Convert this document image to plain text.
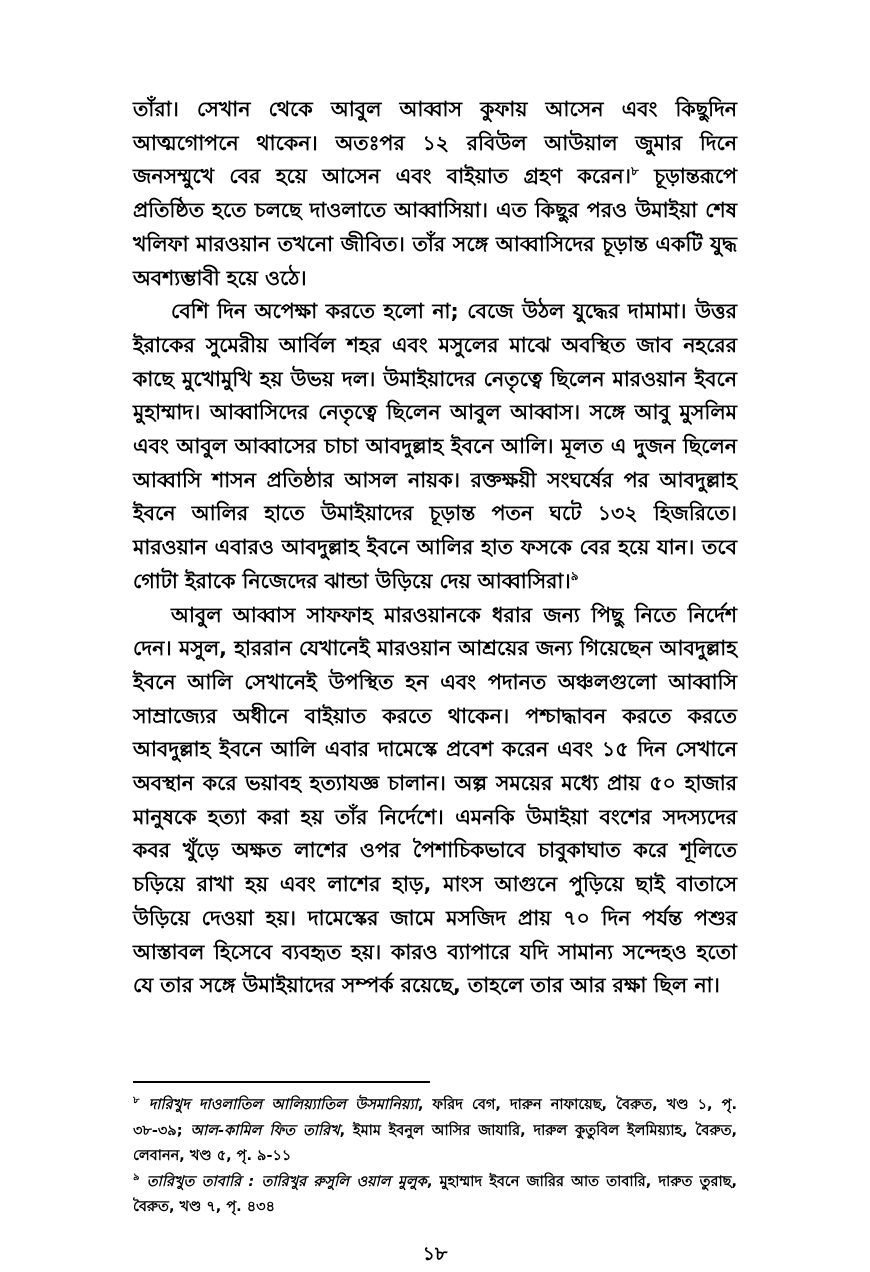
তাঁরা। সেখান থেকে আবুল আব্বাস কুফায় আসেন এবং কিছুদিন আত্মগোপনে থাকেন। অতঃপর ১২ রবিউল আউয়াল জুমার দিনে জনসম্মুখে বের হয়ে আসেন এবং বাইয়াত গ্রহণ করেন।$^৮$ চূড়ান্তরূপে প্রতিষ্ঠিত হতে চলছে দাওলাতে আব্বাসিয়া। এত কিছুর পরও উমাইয়া শেষ খলিফা মারওয়ান তখনো জীবিত। তাঁর সঙ্গে আব্বাসিদের চূড়ান্ত একটি যুদ্ধ অবশ্যম্ভাবী হয়ে ওঠে।

বেশি দিন অপেক্ষা করতে হলো না; বেজে উঠল যুদ্ধের দামামা। উত্তর ইরাকের সুমেরীয় আর্বিল শহর এবং মসুলের মাঝে অবস্থিত জাব নহরের কাছে মুখোমুখি হয় উভয় দল। উমাইয়াদের নেতৃত্বে ছিলেন মারওয়ান ইবনে মুহাম্মাদ। আব্বাসিদের নেতৃত্বে ছিলেন আবুল আব্বাস। সঙ্গে আবু মুসলিম এবং আবুল আব্বাসের চাচা আবদুল্লাহ ইবনে আলি। মূলত এ দুজন ছিলেন আব্বাসি শাসন প্রতিষ্ঠার আসল নায়ক। রক্তক্ষয়ী সংঘর্ষের পর আবদুল্লাহ ইবনে আলির হাতে উমাইয়াদের চূড়ান্ত পতন ঘটে ১৩২ হিজরিতে। মারওয়ান এবারও আবদুল্লাহ ইবনে আলির হাত ফসকে বের হয়ে যান। তবে গোটা ইরাকে নিজেদের ঝান্ডা উড়িয়ে দেয় আব্বাসিরা।$^৯$

আবুল আব্বাস সাফফাহ মারওয়ানকে ধরার জন্য পিছু নিতে নির্দেশ দেন। মসুল, হাররান যেখানেই মারওয়ান আশ্রয়ের জন্য গিয়েছেন আবদুল্লাহ ইবনে আলি সেখানেই উপস্থিত হন এবং পদানত অঞ্চলগুলো আব্বাসি সাম্রাজ্যের অধীনে বাইয়াত করতে থাকেন। পশ্চাদ্ধাবন করতে করতে আবদুল্লাহ ইবনে আলি এবার দামেস্কে প্রবেশ করেন এবং ১৫ দিন সেখানে অবস্থান করে ভয়াবহ হত্যাযজ্ঞ চালান। অল্প সময়ের মধ্যে প্রায় ৫০ হাজার মানুষকে হত্যা করা হয় তাঁর নির্দেশে। এমনকি উমাইয়া বংশের সদস্যদের কবর খুঁড়ে অক্ষত লাশের ওপর পৈশাচিকভাবে চাবুকাঘাত করে শূলিতে চড়িয়ে রাখা হয় এবং লাশের হাড়, মাংস আগুনে পুড়িয়ে ছাই বাতাসে উড়িয়ে দেওয়া হয়। দামেস্কের জামে মসজিদ প্রায় ৭০ দিন পর্যন্ত পশুর আস্তাবল হিসেবে ব্যবহৃত হয়। কারও ব্যাপারে যদি সামান্য সন্দেহও হতো যে তার সঙ্গে উমাইয়াদের সম্পর্ক রয়েছে, তাহলে তার আর রক্ষা ছিল না।

$^৮$ দারিখুদ দাওলাতিল আলিয়্যাতিল উসমানিয়্যা, ফরিদ বেগ, দারুন নাফায়েছ, বৈরুত, খণ্ড ১, পৃ. ৩৮-৩৯; আল-কামিল ফিত তারিখ, ইমাম ইবনুল আসির জাযারি, দারুল কুতুবিল ইলমিয়্যাহ, বৈরুত, লেবানন, খণ্ড ৫, পৃ. ৯-১১

$^৯$ তারিখুত তাবারি : তারিখুর রুসুলি ওয়াল মুলুক, মুহাম্মাদ ইবনে জারির আত তাবারি, দারুত তুরাছ, বৈরুত, খণ্ড ৭, পৃ. ৪৩৪

১৮
